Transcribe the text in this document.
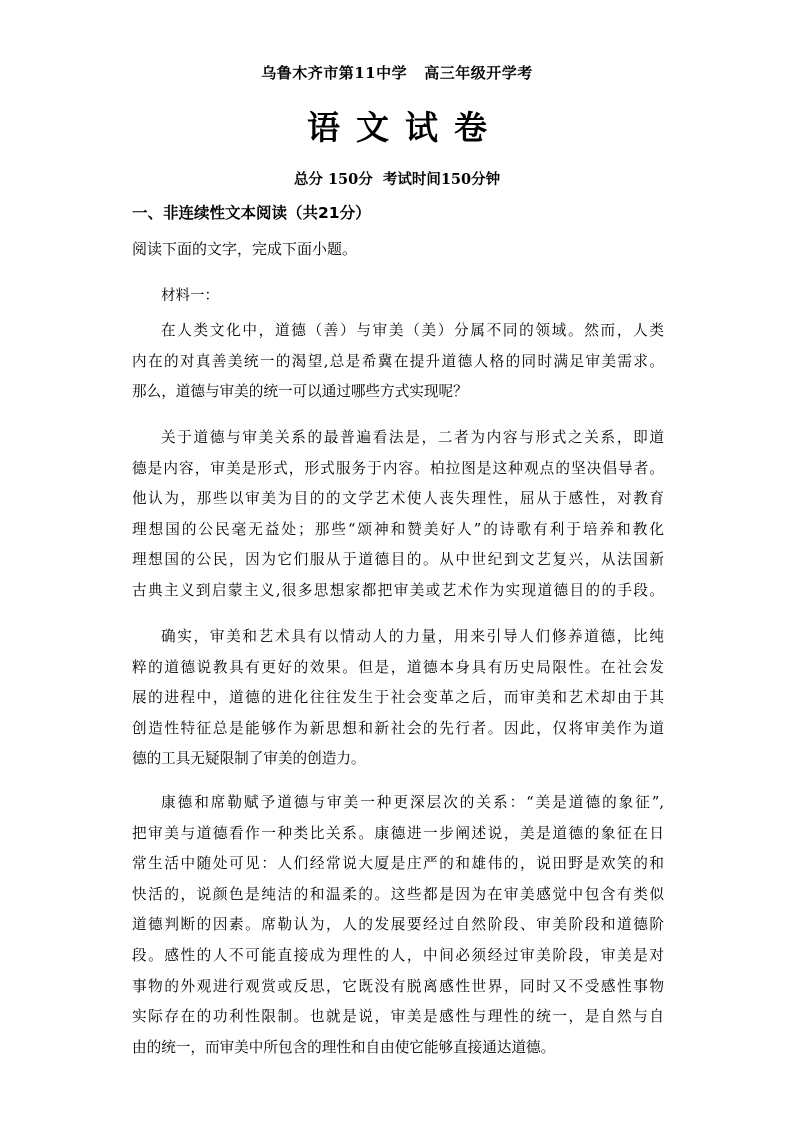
乌鲁木齐市第11中学   高三年级开学考
语文试卷
总分 150分  考试时间150分钟
一、非连续性文本阅读（共21分）
阅读下面的文字，完成下面小题。
材料一：
在人类文化中，道德（善）与审美（美）分属不同的领域。然而，人类
内在的对真善美统一的渴望,总是希冀在提升道德人格的同时满足审美需求。
那么，道德与审美的统一可以通过哪些方式实现呢？
关于道德与审美关系的最普遍看法是，二者为内容与形式之关系，即道
德是内容，审美是形式，形式服务于内容。柏拉图是这种观点的坚决倡导者。
他认为，那些以审美为目的的文学艺术使人丧失理性，屈从于感性，对教育
理想国的公民毫无益处；那些“颂神和赞美好人”的诗歌有利于培养和教化
理想国的公民，因为它们服从于道德目的。从中世纪到文艺复兴，从法国新
古典主义到启蒙主义,很多思想家都把审美或艺术作为实现道德目的的手段。
确实，审美和艺术具有以情动人的力量，用来引导人们修养道德，比纯
粹的道德说教具有更好的效果。但是，道德本身具有历史局限性。在社会发
展的进程中，道德的进化往往发生于社会变革之后，而审美和艺术却由于其
创造性特征总是能够作为新思想和新社会的先行者。因此，仅将审美作为道
德的工具无疑限制了审美的创造力。
康德和席勒赋予道德与审美一种更深层次的关系：“美是道德的象征”,
把审美与道德看作一种类比关系。康德进一步阐述说，美是道德的象征在日
常生活中随处可见：人们经常说大厦是庄严的和雄伟的，说田野是欢笑的和
快活的，说颜色是纯洁的和温柔的。这些都是因为在审美感觉中包含有类似
道德判断的因素。席勒认为，人的发展要经过自然阶段、审美阶段和道德阶
段。感性的人不可能直接成为理性的人，中间必须经过审美阶段，审美是对
事物的外观进行观赏或反思，它既没有脱离感性世界，同时又不受感性事物
实际存在的功利性限制。也就是说，审美是感性与理性的统一，是自然与自
由的统一，而审美中所包含的理性和自由使它能够直接通达道德。
